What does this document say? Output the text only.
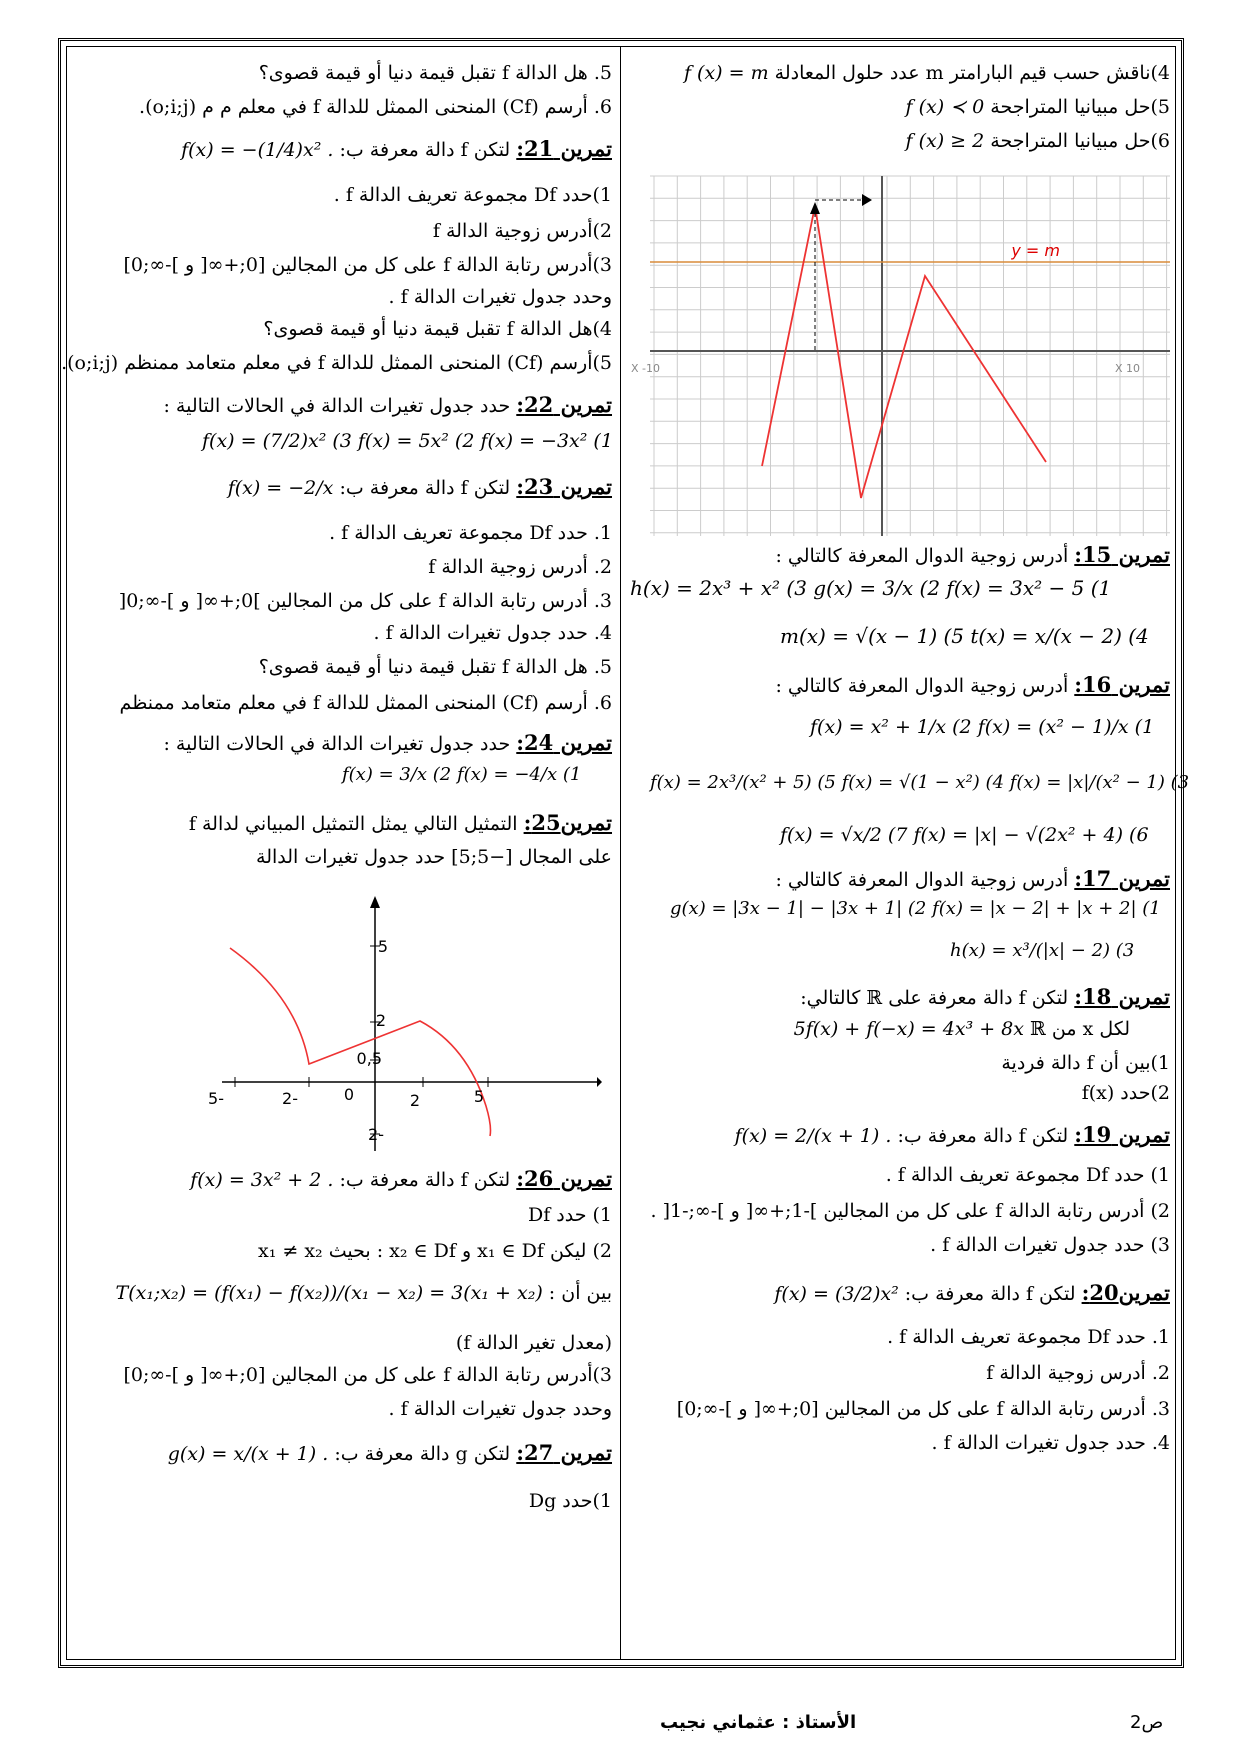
4)ناقش حسب قيم البارامتر m عدد حلول المعادلة f (x) = m
5)حل مبيانيا المتراجحة f (x) ≺ 0
6)حل مبيانيا المتراجحة f (x) ≥ 2
y = m
X -10	X 10
تمرين 15: أدرس زوجية الدوال المعرفة كالتالي :
h(x) = 2x³ + x² (3 g(x) = 3/x (2 f(x) = 3x² − 5 (1
m(x) = √(x − 1) (5 t(x) = x/(x − 2) (4
تمرين 16: أدرس زوجية الدوال المعرفة كالتالي :
f(x) = x² + 1/x (2 f(x) = (x² − 1)/x (1
f(x) = 2x³/(x² + 5) (5 f(x) = √(1 − x²) (4 f(x) = |x|/(x² − 1) (3
f(x) = √x/2 (7 f(x) = |x| − √(2x² + 4) (6
تمرين 17: أدرس زوجية الدوال المعرفة كالتالي :
g(x) = |3x − 1| − |3x + 1| (2 f(x) = |x − 2| + |x + 2| (1
h(x) = x³/(|x| − 2) (3
تمرين 18: لتكن f دالة معرفة على ℝ كالتالي:
لكل x من ℝ 5f(x) + f(−x) = 4x³ + 8x
1)بين أن f دالة فردية
2)حدد f(x)
تمرين 19: لتكن f دالة معرفة ب: f(x) = 2/(x + 1) .
1) حدد Df مجموعة تعريف الدالة f .
2) أدرس رتابة الدالة f على كل من المجالين ]-1;+∞[ و ]-∞;-1[ .
3) حدد جدول تغيرات الدالة f .
تمرين20: لتكن f دالة معرفة ب: f(x) = (3/2)x²
1. حدد Df مجموعة تعريف الدالة f .
2. أدرس زوجية الدالة f
3. أدرس رتابة الدالة f على كل من المجالين [0;+∞[ و ]-∞;0]
4. حدد جدول تغيرات الدالة f .
5. هل الدالة f تقبل قيمة دنيا أو قيمة قصوى؟
6. أرسم (Cf) المنحنى الممثل للدالة f في معلم م م (o;i;j).
تمرين 21: لتكن f دالة معرفة ب: f(x) = −(1/4)x² .
1)حدد Df مجموعة تعريف الدالة f .
2)أدرس زوجية الدالة f
3)أدرس رتابة الدالة f على كل من المجالين [0;+∞[ و ]-∞;0]
وحدد جدول تغيرات الدالة f .
4)هل الدالة f تقبل قيمة دنيا أو قيمة قصوى؟
5)أرسم (Cf) المنحنى الممثل للدالة f في معلم متعامد ممنظم (o;i;j).
تمرين 22: حدد جدول تغيرات الدالة في الحالات التالية :
f(x) = (7/2)x² (3 f(x) = 5x² (2 f(x) = −3x² (1
تمرين 23: لتكن f دالة معرفة ب: f(x) = −2/x
1. حدد Df مجموعة تعريف الدالة f .
2. أدرس زوجية الدالة f
3. أدرس رتابة الدالة f على كل من المجالين ]0;+∞[ و ]-∞;0[
4. حدد جدول تغيرات الدالة f .
5. هل الدالة f تقبل قيمة دنيا أو قيمة قصوى؟
6. أرسم (Cf) المنحنى الممثل للدالة f في معلم متعامد ممنظم
تمرين 24: حدد جدول تغيرات الدالة في الحالات التالية :
f(x) = 3/x (2 f(x) = −4/x (1
تمرين25: التمثيل التالي يمثل التمثيل المبياني لدالة f
على المجال [−5;5] حدد جدول تغيرات الدالة
-5	-2	0	2	5
5
2
0,5
-2
تمرين 26: لتكن f دالة معرفة ب: f(x) = 3x² + 2 .
1) حدد Df
2) ليكن x₁ ∈ Df و x₂ ∈ Df : بحيث x₁ ≠ x₂
بين أن : T(x₁;x₂) = (f(x₁) − f(x₂))/(x₁ − x₂) = 3(x₁ + x₂)
(معدل تغير الدالة f)
3)أدرس رتابة الدالة f على كل من المجالين [0;+∞[ و ]-∞;0]
وحدد جدول تغيرات الدالة f .
تمرين 27: لتكن g دالة معرفة ب: g(x) = x/(x + 1) .
1)حدد Dg
ص2
الأستاذ : عثماني نجيب
